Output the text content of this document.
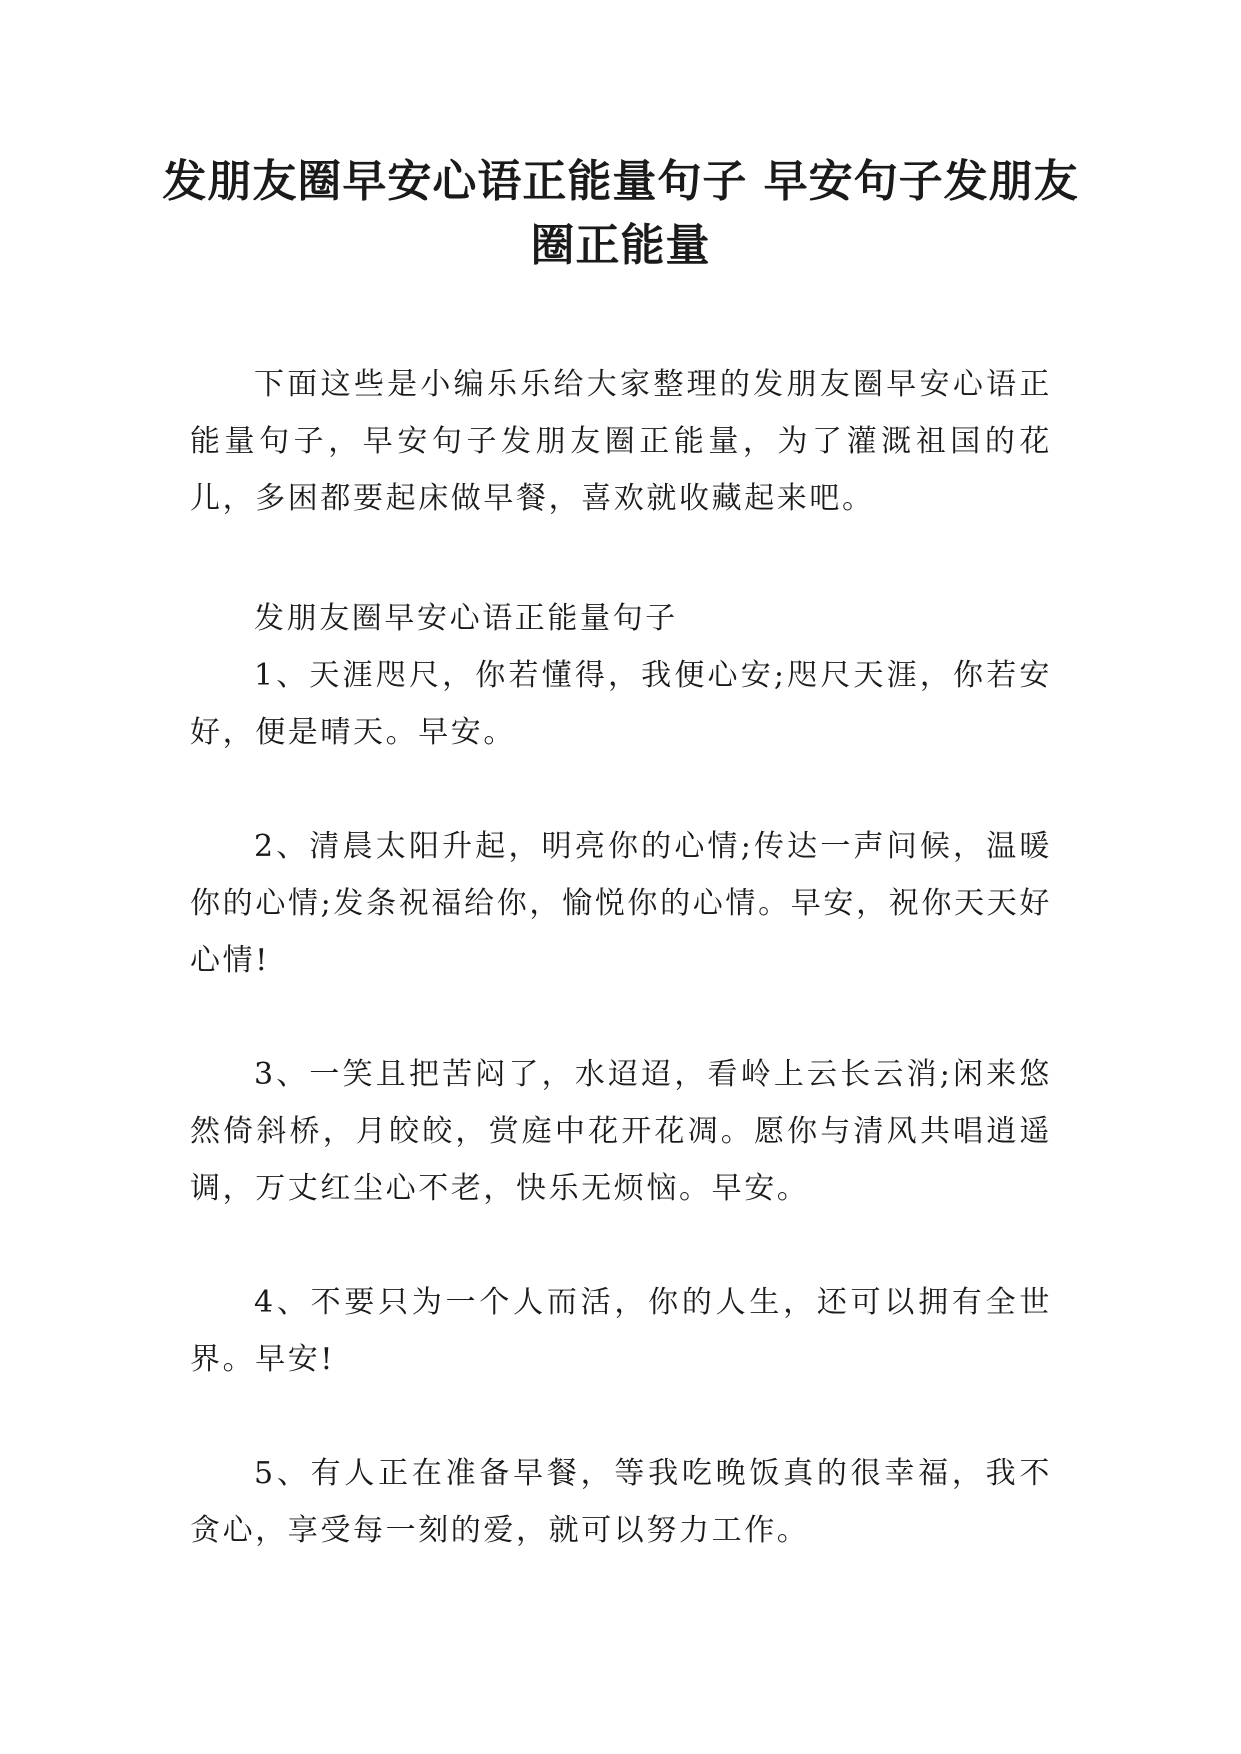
发朋友圈早安心语正能量句子 早安句子发朋友圈正能量

下面这些是小编乐乐给大家整理的发朋友圈早安心语正能量句子，早安句子发朋友圈正能量，为了灌溉祖国的花儿，多困都要起床做早餐，喜欢就收藏起来吧。

发朋友圈早安心语正能量句子

1、天涯咫尺，你若懂得，我便心安;咫尺天涯，你若安好，便是晴天。早安。

2、清晨太阳升起，明亮你的心情;传达一声问候，温暖你的心情;发条祝福给你，愉悦你的心情。早安，祝你天天好心情!

3、一笑且把苦闷了，水迢迢，看岭上云长云消;闲来悠然倚斜桥，月皎皎，赏庭中花开花凋。愿你与清风共唱逍遥调，万丈红尘心不老，快乐无烦恼。早安。

4、不要只为一个人而活，你的人生，还可以拥有全世界。早安!

5、有人正在准备早餐，等我吃晚饭真的很幸福，我不贪心，享受每一刻的爱，就可以努力工作。
